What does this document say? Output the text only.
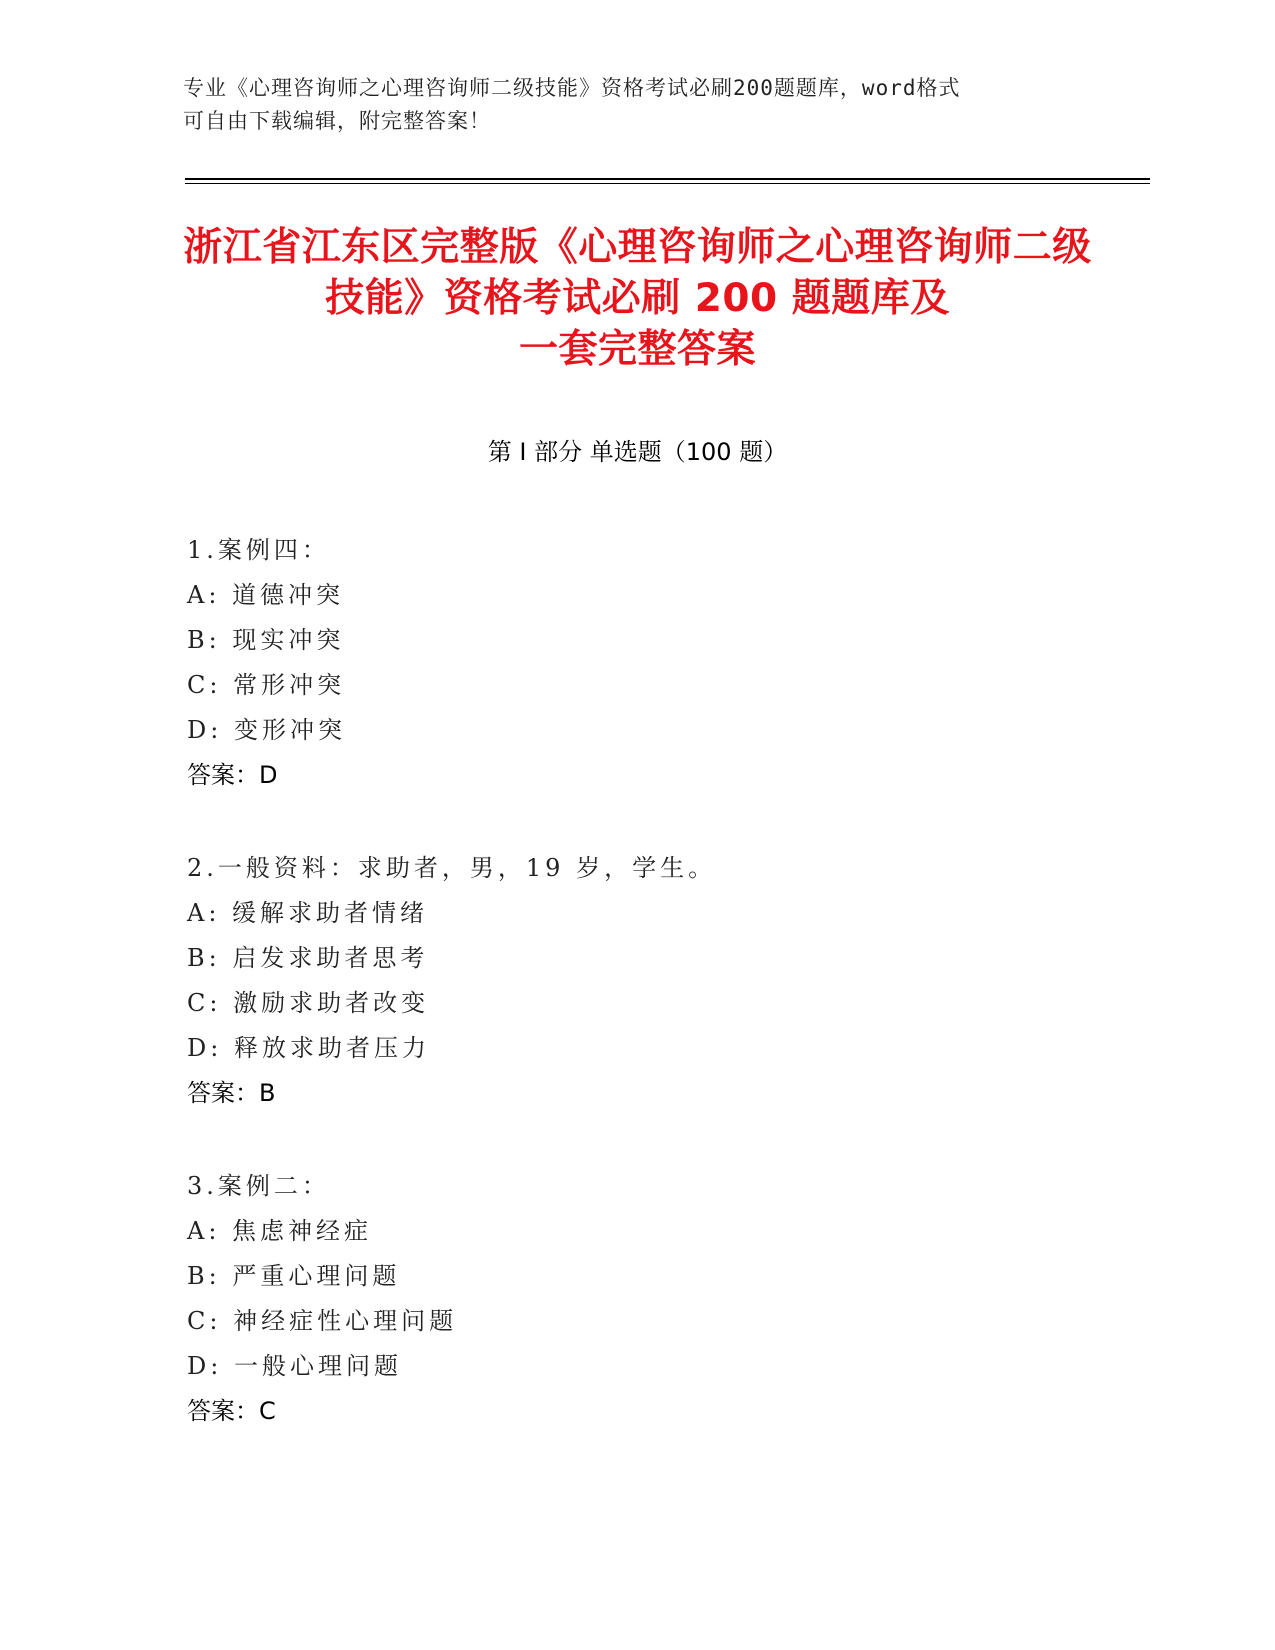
专业《心理咨询师之心理咨询师二级技能》资格考试必刷200题题库，word格式
可自由下载编辑，附完整答案！
浙江省江东区完整版《心理咨询师之心理咨询师二级技能》资格考试必刷 200 题题库及
一套完整答案
第 I 部分 单选题（100 题）
1.案例四：
A: 道德冲突
B: 现实冲突
C: 常形冲突
D: 变形冲突
答案：D
2.一般资料：求助者，男，19 岁，学生。
A: 缓解求助者情绪
B: 启发求助者思考
C: 激励求助者改变
D: 释放求助者压力
答案：B
3.案例二：
A: 焦虑神经症
B: 严重心理问题
C: 神经症性心理问题
D: 一般心理问题
答案：C
